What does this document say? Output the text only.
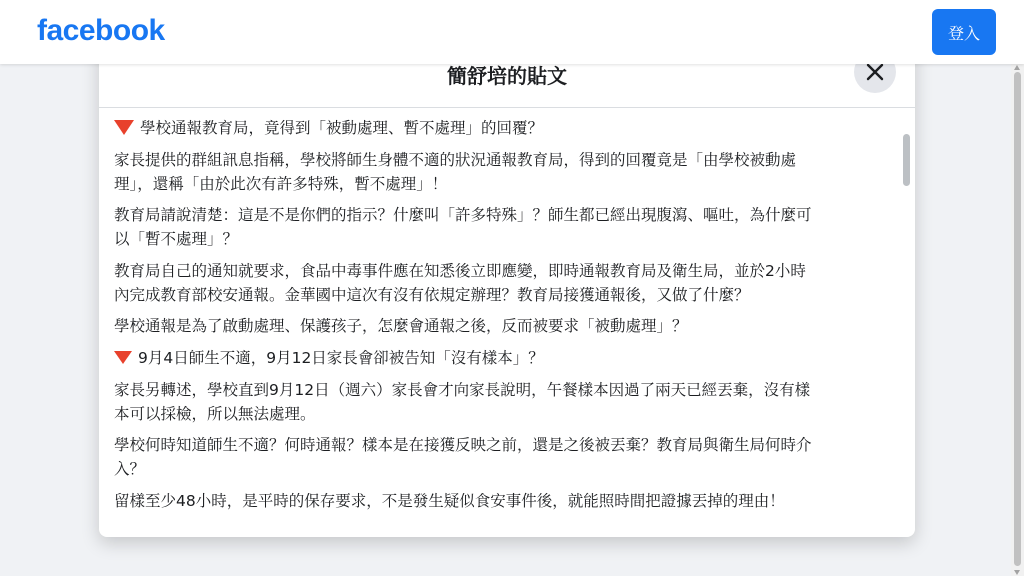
facebook	登入
簡舒培的貼文
學校通報教育局，竟得到「被動處理、暫不處理」的回覆？
家長提供的群組訊息指稱，學校將師生身體不適的狀況通報教育局，得到的回覆竟是「由學校被動處
理」，還稱「由於此次有許多特殊，暫不處理」！
教育局請說清楚：這是不是你們的指示？什麼叫「許多特殊」？師生都已經出現腹瀉、嘔吐，為什麼可
以「暫不處理」？
教育局自己的通知就要求，食品中毒事件應在知悉後立即應變，即時通報教育局及衛生局，並於2小時
內完成教育部校安通報。金華國中這次有沒有依規定辦理？教育局接獲通報後，又做了什麼？
學校通報是為了啟動處理、保護孩子，怎麼會通報之後，反而被要求「被動處理」？
9月4日師生不適，9月12日家長會卻被告知「沒有樣本」？
家長另轉述，學校直到9月12日（週六）家長會才向家長說明，午餐樣本因過了兩天已經丟棄，沒有樣
本可以採檢，所以無法處理。
學校何時知道師生不適？何時通報？樣本是在接獲反映之前，還是之後被丟棄？教育局與衛生局何時介
入？
留樣至少48小時，是平時的保存要求，不是發生疑似食安事件後，就能照時間把證據丟掉的理由！
